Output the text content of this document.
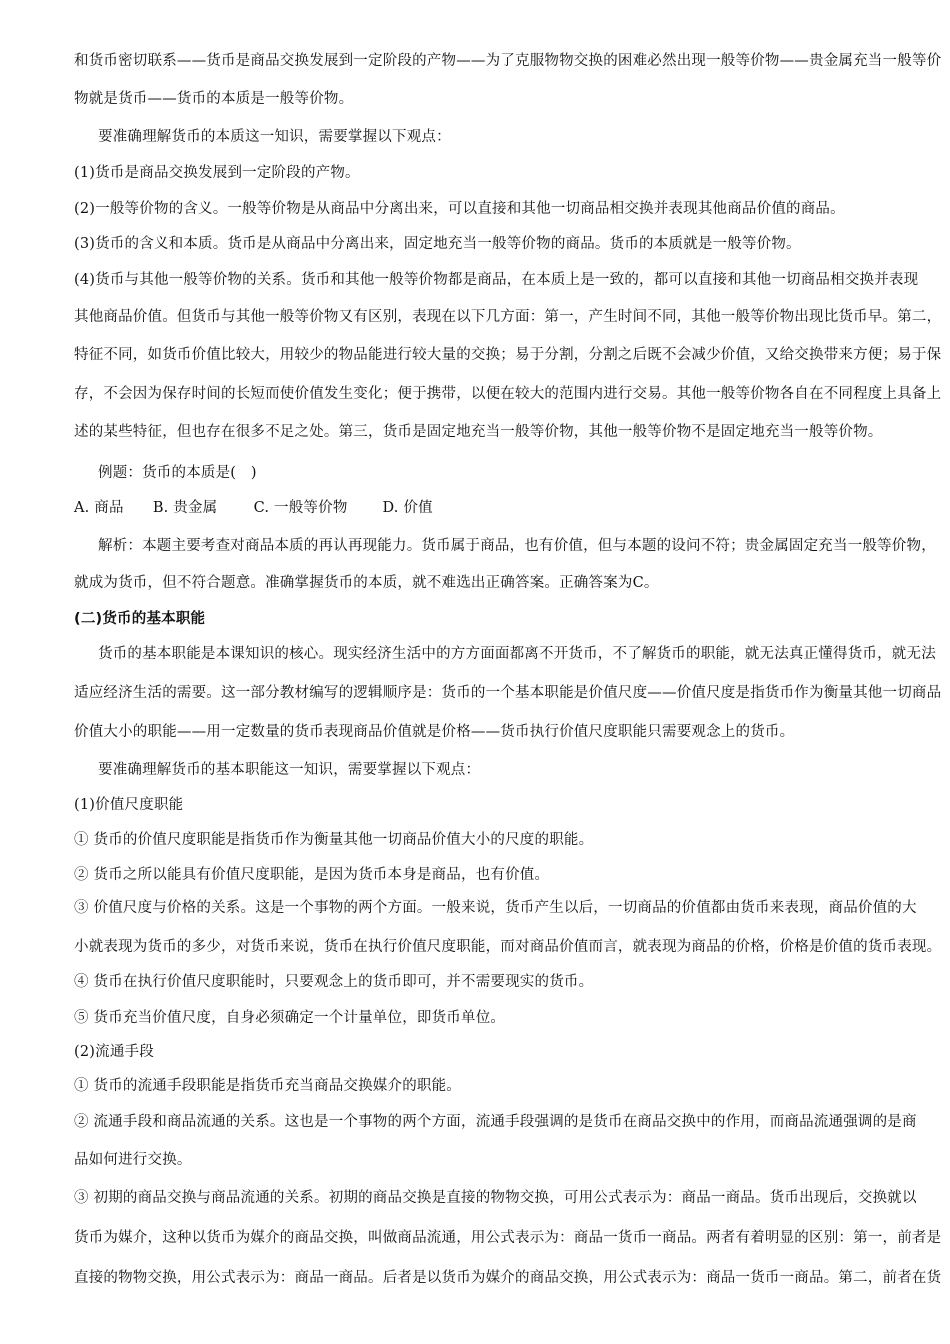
和货币密切联系——货币是商品交换发展到一定阶段的产物——为了克服物物交换的困难必然出现一般等价物——贵金属充当一般等价
物就是货币——货币的本质是一般等价物。
要准确理解货币的本质这一知识，需要掌握以下观点：
(1)货币是商品交换发展到一定阶段的产物。
(2)一般等价物的含义。一般等价物是从商品中分离出来，可以直接和其他一切商品相交换并表现其他商品价值的商品。
(3)货币的含义和本质。货币是从商品中分离出来，固定地充当一般等价物的商品。货币的本质就是一般等价物。
(4)货币与其他一般等价物的关系。货币和其他一般等价物都是商品，在本质上是一致的，都可以直接和其他一切商品相交换并表现
其他商品价值。但货币与其他一般等价物又有区别，表现在以下几方面：第一，产生时间不同，其他一般等价物出现比货币早。第二，
特征不同，如货币价值比较大，用较少的物品能进行较大量的交换；易于分割，分割之后既不会减少价值，又给交换带来方便；易于保
存，不会因为保存时间的长短而使价值发生变化；便于携带，以便在较大的范围内进行交易。其他一般等价物各自在不同程度上具备上
述的某些特征，但也存在很多不足之处。第三，货币是固定地充当一般等价物，其他一般等价物不是固定地充当一般等价物。
例题：货币的本质是(　)
A. 商品 B. 贵金属 C. 一般等价物 D. 价值
解析：本题主要考查对商品本质的再认再现能力。货币属于商品，也有价值，但与本题的设问不符；贵金属固定充当一般等价物，
就成为货币，但不符合题意。准确掌握货币的本质，就不难选出正确答案。正确答案为C。
(二)货币的基本职能
货币的基本职能是本课知识的核心。现实经济生活中的方方面面都离不开货币，不了解货币的职能，就无法真正懂得货币，就无法
适应经济生活的需要。这一部分教材编写的逻辑顺序是：货币的一个基本职能是价值尺度——价值尺度是指货币作为衡量其他一切商品
价值大小的职能——用一定数量的货币表现商品价值就是价格——货币执行价值尺度职能只需要观念上的货币。
要准确理解货币的基本职能这一知识，需要掌握以下观点：
(1)价值尺度职能
① 货币的价值尺度职能是指货币作为衡量其他一切商品价值大小的尺度的职能。
② 货币之所以能具有价值尺度职能，是因为货币本身是商品，也有价值。
③ 价值尺度与价格的关系。这是一个事物的两个方面。一般来说，货币产生以后，一切商品的价值都由货币来表现，商品价值的大
小就表现为货币的多少，对货币来说，货币在执行价值尺度职能，而对商品价值而言，就表现为商品的价格，价格是价值的货币表现。
④ 货币在执行价值尺度职能时，只要观念上的货币即可，并不需要现实的货币。
⑤ 货币充当价值尺度，自身必须确定一个计量单位，即货币单位。
(2)流通手段
① 货币的流通手段职能是指货币充当商品交换媒介的职能。
② 流通手段和商品流通的关系。这也是一个事物的两个方面，流通手段强调的是货币在商品交换中的作用，而商品流通强调的是商
品如何进行交换。
③ 初期的商品交换与商品流通的关系。初期的商品交换是直接的物物交换，可用公式表示为：商品一商品。货币出现后，交换就以
货币为媒介，这种以货币为媒介的商品交换，叫做商品流通，用公式表示为：商品一货币一商品。两者有着明显的区别：第一，前者是
直接的物物交换，用公式表示为：商品一商品。后者是以货币为媒介的商品交换，用公式表示为：商品一货币一商品。第二，前者在货
